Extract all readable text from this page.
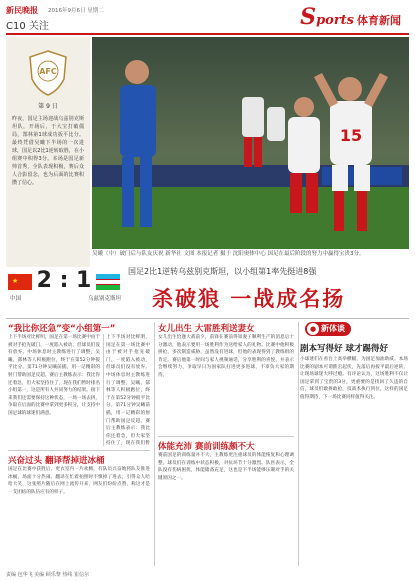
新民晚报 2016年9月6日 星期二
C10 关注	Sports 体育新闻
AFC
第 9 日
昨夜，国足主场迎战乌兹别克斯坦队，开场后，于大宝打破僵局，郜林第1球成功扳平比分。最终凭借吴曦下半场的一次进球，国足以2比1逆转取胜，在小组赛中积得3分。本场是国足新帅首秀，全队表现积极，赛后众人合影留念，也为后面的比赛积攒了信心。
15
吴曦（中）破门后与队友庆祝 新华社 文图 本报记者 摄于 沈阳奥体中心 国足在最后阶段的努力中赢得宝贵3分。
★ 2 : 1
中国	乌兹别克斯坦
国足2比1逆转乌兹别克斯坦，以小组第1率先挺进8强
杀破狼 一战成名扬
“我比你还急”变“小组第一”
上下半场对比鲜明，国足在第一场比赛中由于被对手抢先破门，一度陷入被动，但球员们没有放弃。中场休息时主教练进行了调整，吴曦、郜林等人积极跑位，终于在第52分钟扳平比分。第71分钟吴曦前插，用一记精彩的射门帮助国足反超。赛后主教练表示：我比你还着急，但大家坚持住了，现在我们暂时排名小组第一，这是所有人共同努力的结果。接下来我们还需要保持这种状态，一场一场去拼，争取在后面的比赛中拿到更多积分，让支持中国足球的球迷们满意。
上下半场对比鲜明，国足在第一场比赛中由于被对手抢先破门，一度陷入被动，但球员们没有放弃。中场休息时主教练进行了调整，吴曦、郜林等人积极跑位，终于在第52分钟扳平比分。第71分钟吴曦前插，用一记精彩的射门帮助国足反超。赛后主教练表示：我比你还着急，但大家坚持住了，现在我们暂
兴奋过头 翻译帮掉进冰桶
国足在比赛中获胜后，更衣室内一片欢腾，有队员兴奋地将队友推进冰桶，场面十分热闹。翻译在忙着拍照时不慎掉了进去，引得众人哈哈大笑，这张照片随后在网上流传开来，网友们纷纷点赞，称这才是一支团结的队伍应有的样子。
女儿出生 大雷胜利送妻女
女儿出生恰逢大战前夕，前锋在赛前得知妻子顺利生产的消息后十分激动，他表示要用一场胜利作为送给家人的礼物。比赛中他积极拼抢，多次制造威胁，虽然没有进球，但他的表现得到了教练组的肯定。赛后他第一时间与家人视频通话，分享胜利的喜悦，并表示会继续努力，争取早日为国家队打进更多进球，不辜负大家的期待。
体能充沛 赛前训练颇不大
赛前国足的训练量并不大，主教练更注重球员的体能恢复和心理调整。球员们在训练中状态积极，对抗环节十分激烈。队医表示，全队没有伤病困扰，体能储备充足，这也是下半场能够压制对手的关键原因之一。
● 新体谈
剧本写得好 球才踢得好
小球迷们在看台上高举横幅，为国足加油助威。本场比赛的剧本可谓跌宕起伏，先落后再扳平最后逆转，让现场球迷大呼过瘾。有评论认为，这场胜利不仅让国足拿到了宝贵的3分，更重要的是找回了久违的自信，球员们敢拼敢抢，技战术执行到位，这样的国足值得期待，下一场比赛同样值得关注。
责编 包华飞 美编 顾乐黎 热线 崔信尔
